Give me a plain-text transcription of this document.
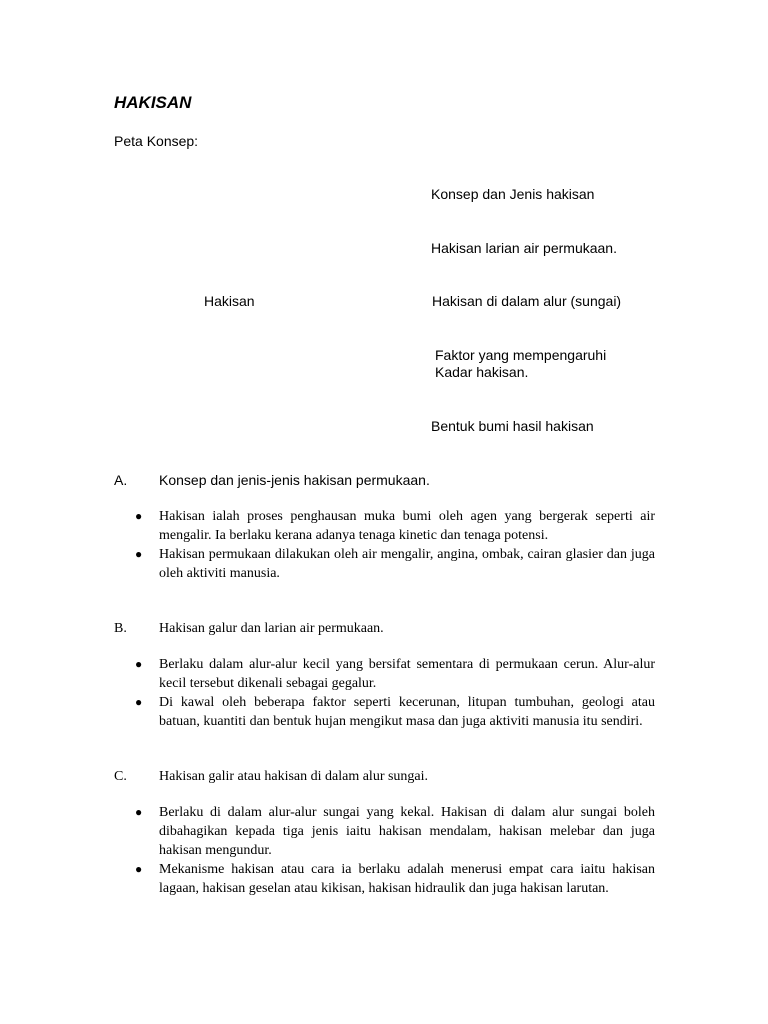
HAKISAN
Peta Konsep:
Hakisan
Konsep dan Jenis hakisan
Hakisan larian air permukaan.
Hakisan di dalam alur (sungai)
Faktor yang mempengaruhi
Kadar hakisan.
Bentuk bumi hasil hakisan
A. Konsep dan jenis-jenis hakisan permukaan.
●	Hakisan ialah proses penghausan muka bumi oleh agen yang bergerak seperti air mengalir. Ia berlaku kerana adanya tenaga kinetic dan tenaga potensi.
●	Hakisan permukaan dilakukan oleh air mengalir, angina, ombak, cairan glasier dan juga oleh aktiviti manusia.
B. Hakisan galur dan larian air permukaan.
●	Berlaku dalam alur-alur kecil yang bersifat sementara di permukaan cerun. Alur-alur kecil tersebut dikenali sebagai gegalur.
●	Di kawal oleh beberapa faktor seperti kecerunan, litupan tumbuhan, geologi atau batuan, kuantiti dan bentuk hujan mengikut masa dan juga aktiviti manusia itu sendiri.
C. Hakisan galir atau hakisan di dalam alur sungai.
●	Berlaku di dalam alur-alur sungai yang kekal. Hakisan di dalam alur sungai boleh dibahagikan kepada tiga jenis iaitu hakisan mendalam, hakisan melebar dan juga hakisan mengundur.
●	Mekanisme hakisan atau cara ia berlaku adalah menerusi empat cara iaitu hakisan lagaan, hakisan geselan atau kikisan, hakisan hidraulik dan juga hakisan larutan.
